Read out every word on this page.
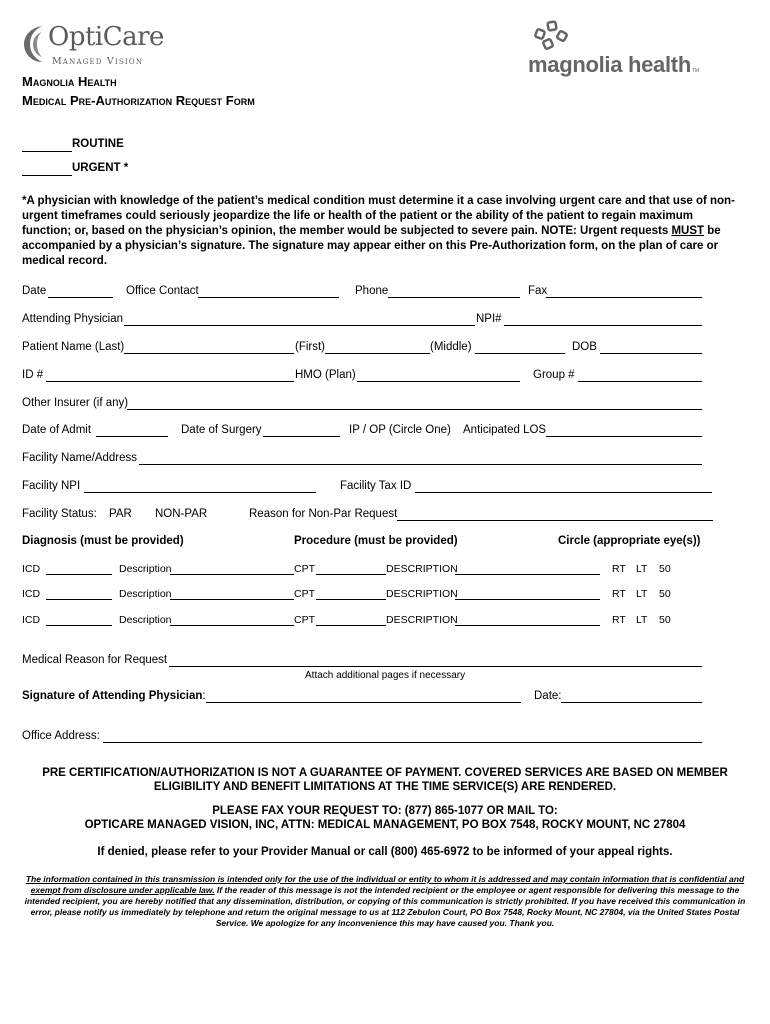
OptiCare
Managed Vision	magnolia health TM
Magnolia Health
Medical Pre-Authorization Request Form
ROUTINE
URGENT *
*A physician with knowledge of the patient’s medical condition must determine it a case involving urgent care and that use of non-urgent timeframes could seriously jeopardize the life or health of the patient or the ability of the patient to regain maximum function; or, based on the physician’s opinion, the member would be subjected to severe pain. NOTE: Urgent requests MUST be accompanied by a physician’s signature. The signature may appear either on this Pre-Authorization form, on the plan of care or medical record.
Date	Office Contact	Phone	Fax
Attending Physician	NPI#
Patient Name (Last)	(First)	(Middle)	DOB
ID #	HMO (Plan)	Group #
Other Insurer (if any)
Date of Admit	Date of Surgery	IP / OP (Circle One) Anticipated LOS
Facility Name/Address
Facility NPI	Facility Tax ID
Facility Status: PAR NON-PAR	Reason for Non-Par Request
Diagnosis (must be provided)	Procedure (must be provided)	Circle (appropriate eye(s))
ICD	Description	CPT	DESCRIPTION	RT LT 50
ICD	Description	CPT	DESCRIPTION	RT LT 50
ICD	Description	CPT	DESCRIPTION	RT LT 50
Medical Reason for Request
Attach additional pages if necessary
Signature of Attending Physician:	Date:
Office Address:
PRE CERTIFICATION/AUTHORIZATION IS NOT A GUARANTEE OF PAYMENT. COVERED SERVICES ARE BASED ON MEMBER ELIGIBILITY AND BENEFIT LIMITATIONS AT THE TIME SERVICE(S) ARE RENDERED.
PLEASE FAX YOUR REQUEST TO: (877) 865-1077 OR MAIL TO:
OPTICARE MANAGED VISION, INC, ATTN: MEDICAL MANAGEMENT, PO BOX 7548, ROCKY MOUNT, NC 27804
If denied, please refer to your Provider Manual or call (800) 465-6972 to be informed of your appeal rights.
The information contained in this transmission is intended only for the use of the individual or entity to whom it is addressed and may contain information that is confidential and exempt from disclosure under applicable law. If the reader of this message is not the intended recipient or the employee or agent responsible for delivering this message to the intended recipient, you are hereby notified that any dissemination, distribution, or copying of this communication is strictly prohibited. If you have received this communication in error, please notify us immediately by telephone and return the original message to us at 112 Zebulon Court, PO Box 7548, Rocky Mount, NC 27804, via the United States Postal Service. We apologize for any inconvenience this may have caused you. Thank you.
